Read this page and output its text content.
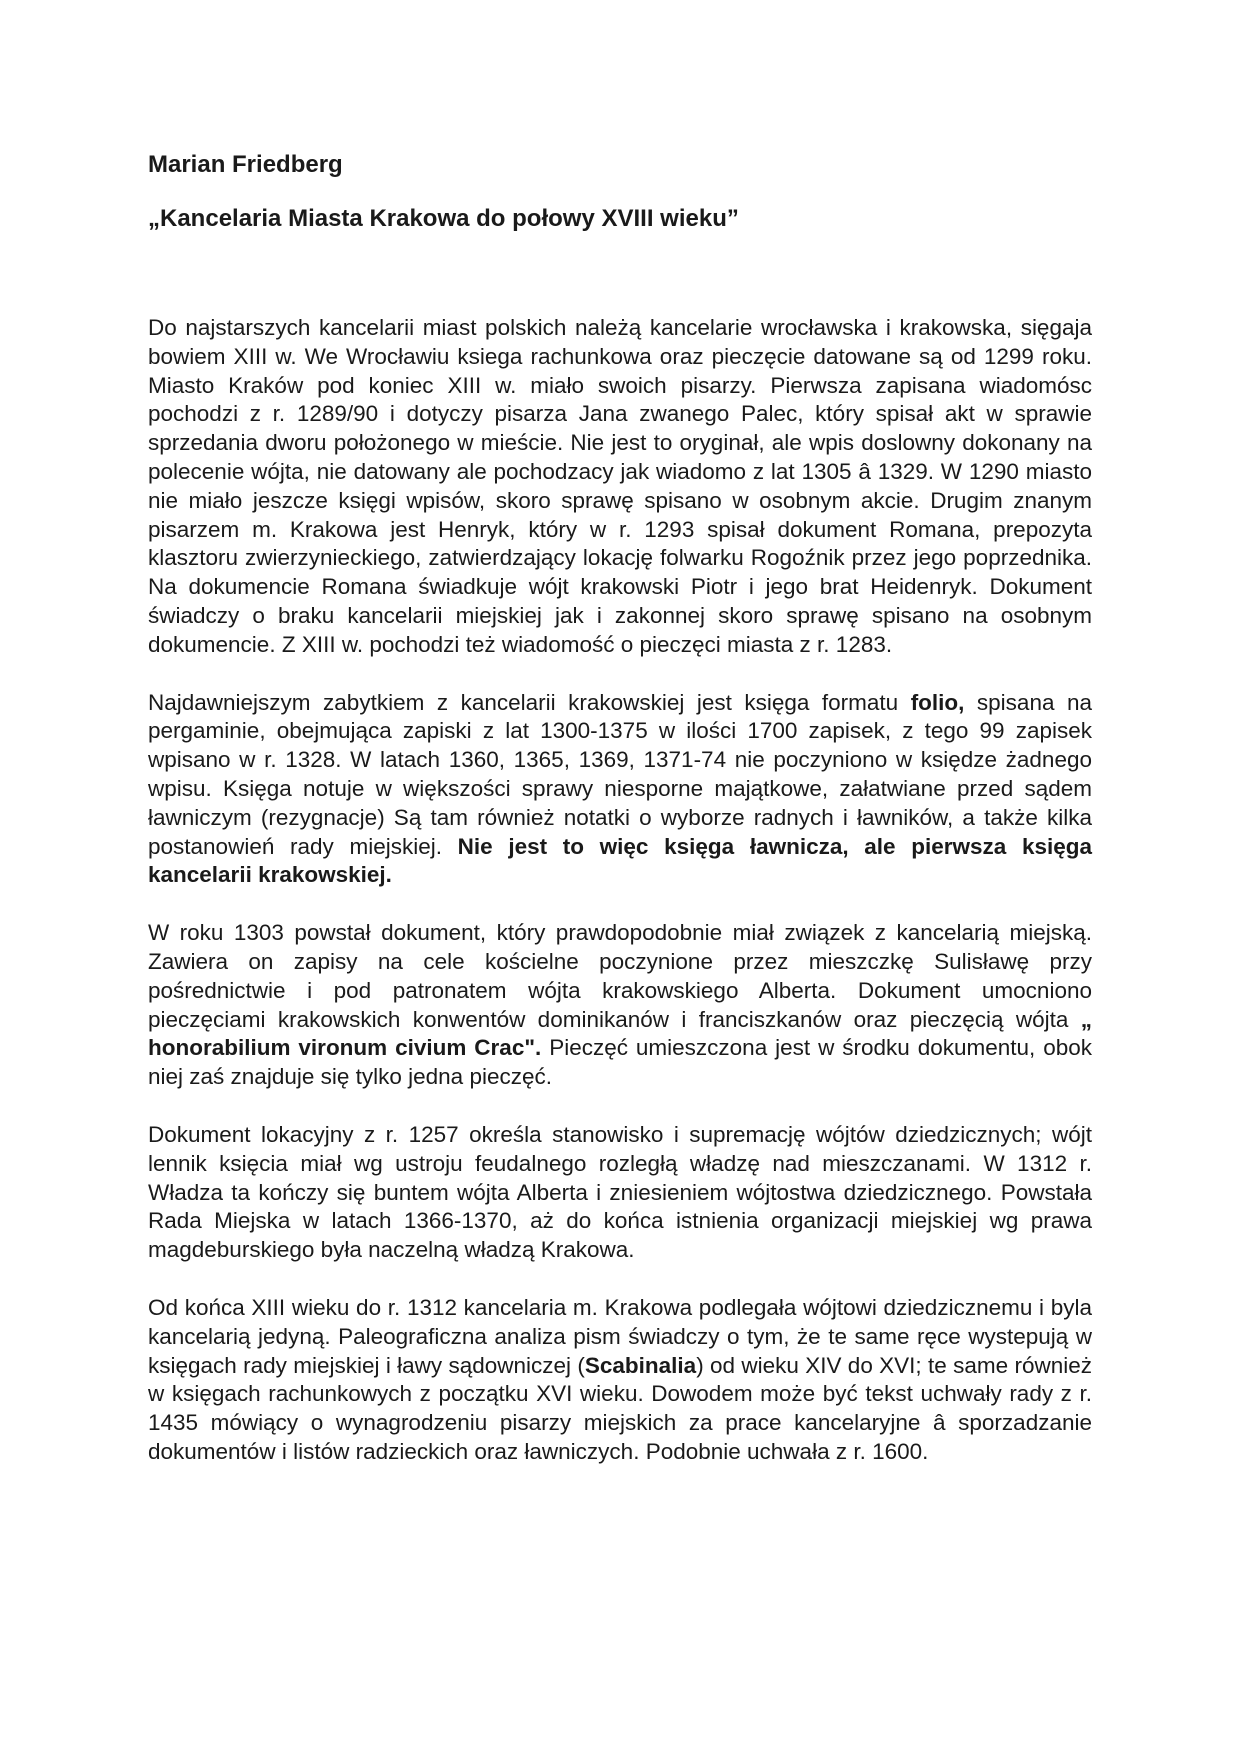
Marian Friedberg
„Kancelaria Miasta Krakowa do połowy XVIII wieku”

Do najstarszych kancelarii miast polskich należą kancelarie wrocławska i krakowska, sięgaja bowiem XIII w. We Wrocławiu ksiega rachunkowa oraz pieczęcie datowane są od 1299 roku. Miasto Kraków pod koniec XIII w. miało swoich pisarzy. Pierwsza zapisana wiadomósc pochodzi z r. 1289/90 i dotyczy pisarza Jana zwanego Palec, który spisał akt w sprawie sprzedania dworu położonego w mieście. Nie jest to oryginał, ale wpis doslowny dokonany na polecenie wójta, nie datowany ale pochodzacy jak wiadomo z lat 1305 â 1329. W 1290 miasto nie miało jeszcze księgi wpisów, skoro sprawę spisano w osobnym akcie. Drugim znanym pisarzem m. Krakowa jest Henryk, który w r. 1293 spisał dokument Romana, prepozyta klasztoru zwierzynieckiego, zatwierdzający lokację folwarku Rogoźnik przez jego poprzednika. Na dokumencie Romana świadkuje wójt krakowski Piotr i jego brat Heidenryk. Dokument świadczy o braku kancelarii miejskiej jak i zakonnej skoro sprawę spisano na osobnym dokumencie. Z XIII w. pochodzi też wiadomość o pieczęci miasta z r. 1283.

Najdawniejszym zabytkiem z kancelarii krakowskiej jest księga formatu folio, spisana na pergaminie, obejmująca zapiski z lat 1300-1375 w ilości 1700 zapisek, z tego 99 zapisek wpisano w r. 1328. W latach 1360, 1365, 1369, 1371-74 nie poczyniono w księdze żadnego wpisu. Księga notuje w większości sprawy niesporne majątkowe, załatwiane przed sądem ławniczym (rezygnacje) Są tam również notatki o wyborze radnych i ławników, a także kilka postanowień rady miejskiej. Nie jest to więc księga ławnicza, ale pierwsza księga kancelarii krakowskiej.

W roku 1303 powstał dokument, który prawdopodobnie miał związek z kancelarią miejską. Zawiera on zapisy na cele kościelne poczynione przez mieszczkę Sulisławę przy pośrednictwie i pod patronatem wójta krakowskiego Alberta. Dokument umocniono pieczęciami krakowskich konwentów dominikanów i franciszkanów oraz pieczęcią wójta „ honorabilium vironum civium Crac". Pieczęć umieszczona jest w środku dokumentu, obok niej zaś znajduje się tylko jedna pieczęć.

Dokument lokacyjny z r. 1257 określa stanowisko i supremację wójtów dziedzicznych; wójt lennik księcia miał wg ustroju feudalnego rozległą władzę nad mieszczanami. W 1312 r. Władza ta kończy się buntem wójta Alberta i zniesieniem wójtostwa dziedzicznego. Powstała Rada Miejska w latach 1366-1370, aż do końca istnienia organizacji miejskiej wg prawa magdeburskiego była naczelną władzą Krakowa.

Od końca XIII wieku do r. 1312 kancelaria m. Krakowa podlegała wójtowi dziedzicznemu i byla kancelarią jedyną. Paleograficzna analiza pism świadczy o tym, że te same ręce wystepują w księgach rady miejskiej i ławy sądowniczej (Scabinalia) od wieku XIV do XVI; te same również w księgach rachunkowych z początku XVI wieku. Dowodem może być tekst uchwały rady z r. 1435 mówiący o wynagrodzeniu pisarzy miejskich za prace kancelaryjne â sporzadzanie dokumentów i listów radzieckich oraz ławniczych. Podobnie uchwała z r. 1600.
